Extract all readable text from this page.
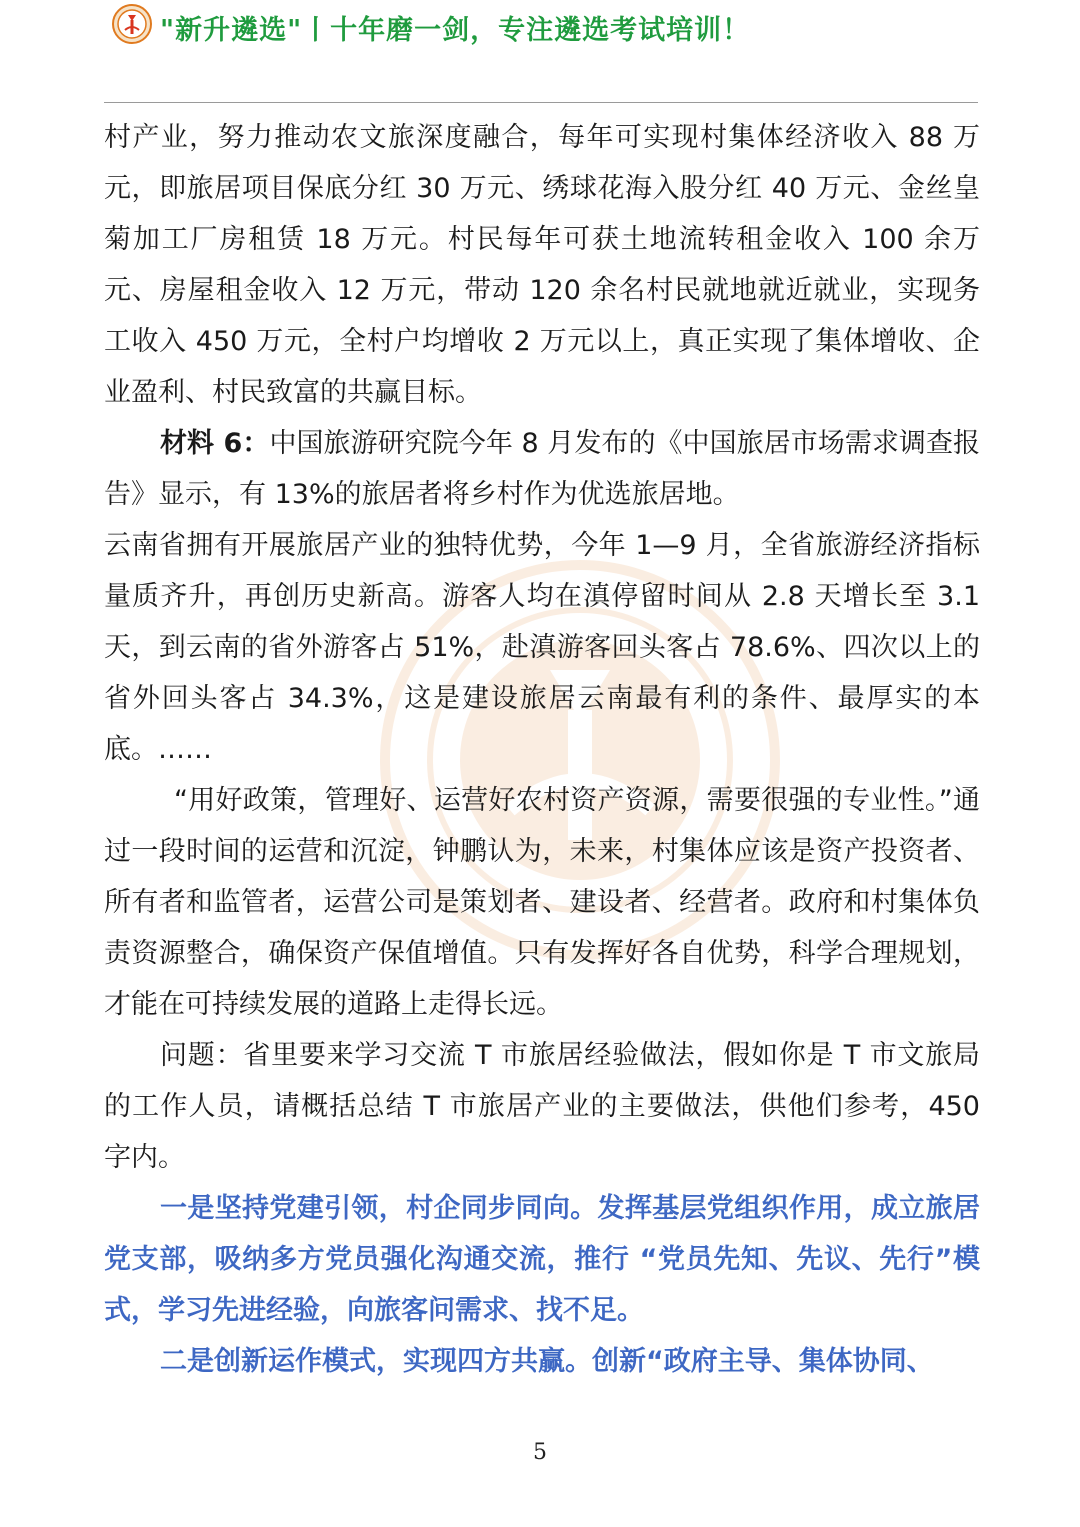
"新升遴选"丨十年磨一剑，专注遴选考试培训！

村产业，努力推动农文旅深度融合，每年可实现村集体经济收入 88 万元，即旅居项目保底分红 30 万元、绣球花海入股分红 40 万元、金丝皇菊加工厂房租赁 18 万元。村民每年可获土地流转租金收入 100 余万元、房屋租金收入 12 万元，带动 120 余名村民就地就近就业，实现务工收入 450 万元，全村户均增收 2 万元以上，真正实现了集体增收、企业盈利、村民致富的共赢目标。

材料 6：中国旅游研究院今年 8 月发布的《中国旅居市场需求调查报告》显示，有 13%的旅居者将乡村作为优选旅居地。

云南省拥有开展旅居产业的独特优势，今年 1—9 月，全省旅游经济指标量质齐升，再创历史新高。游客人均在滇停留时间从 2.8 天增长至 3.1 天，到云南的省外游客占 51%，赴滇游客回头客占 78.6%、四次以上的省外回头客占 34.3%，这是建设旅居云南最有利的条件、最厚实的本底。……

“用好政策，管理好、运营好农村资产资源，需要很强的专业性。”通过一段时间的运营和沉淀，钟鹏认为，未来，村集体应该是资产投资者、所有者和监管者，运营公司是策划者、建设者、经营者。政府和村集体负责资源整合，确保资产保值增值。只有发挥好各自优势，科学合理规划，才能在可持续发展的道路上走得长远。

问题：省里要来学习交流 T 市旅居经验做法，假如你是 T 市文旅局的工作人员，请概括总结 T 市旅居产业的主要做法，供他们参考，450 字内。

一是坚持党建引领，村企同步同向。发挥基层党组织作用，成立旅居党支部，吸纳多方党员强化沟通交流，推行 “党员先知、先议、先行”模式，学习先进经验，向旅客问需求、找不足。

二是创新运作模式，实现四方共赢。创新“政府主导、集体协同、

5
